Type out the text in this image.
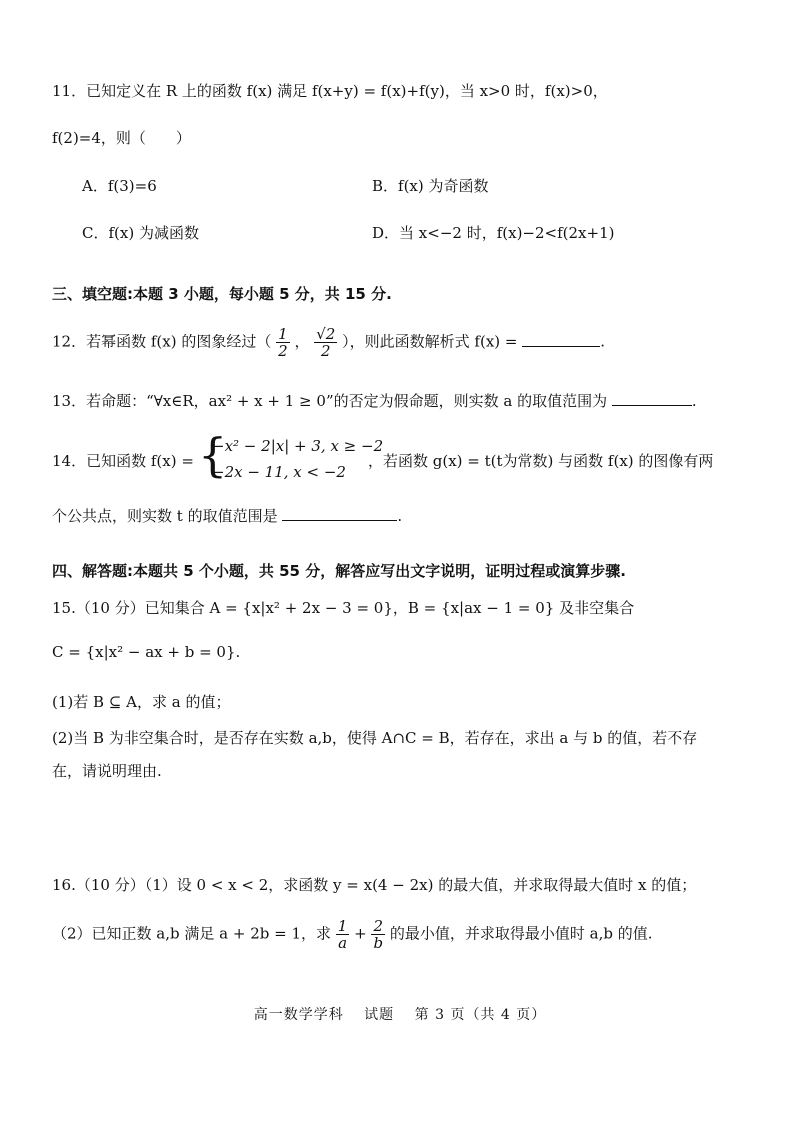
11．已知定义在 R 上的函数 f(x) 满足 f(x+y) = f(x)+f(y)，当 x>0 时，f(x)>0，
f(2)=4，则（　　）
A．f(3)=6	B．f(x) 为奇函数
C．f(x) 为减函数	D．当 x<−2 时，f(x)−2<f(2x+1)
三、填空题:本题 3 小题，每小题 5 分，共 15 分.
12．若幂函数 f(x) 的图象经过（ $\frac{1}{2}$ ， $\frac{√2}{2}$ ），则此函数解析式 f(x) =	.
13．若命题：“∀x∈R，ax² + x + 1 ≥ 0”的否定为假命题，则实数 a 的取值范围为	.
14．已知函数 f(x) = {
−x² − 2|x| + 3, x ≥ −2
−2x − 11, x < −2
，若函数 g(x) = t(t为常数) 与函数 f(x) 的图像有两
个公共点，则实数 t 的取值范围是	.
四、解答题:本题共 5 个小题，共 55 分，解答应写出文字说明，证明过程或演算步骤.
15.（10 分）已知集合 A = {x|x² + 2x − 3 = 0}，B = {x|ax − 1 = 0} 及非空集合
C = {x|x² − ax + b = 0}.
(1)若 B ⊆ A，求 a 的值；
(2)当 B 为非空集合时，是否存在实数 a,b，使得 A∩C = B，若存在，求出 a 与 b 的值，若不存
在，请说明理由.
16.（10 分）（1）设 0 < x < 2，求函数 y = x(4 − 2x) 的最大值，并求取得最大值时 x 的值；
（2）已知正数 a,b 满足 a + 2b = 1，求 $\frac{1}{a} + \frac{2}{b}$ 的最小值，并求取得最小值时 a,b 的值.
高一数学学科　 试题　 第 3 页（共 4 页）
